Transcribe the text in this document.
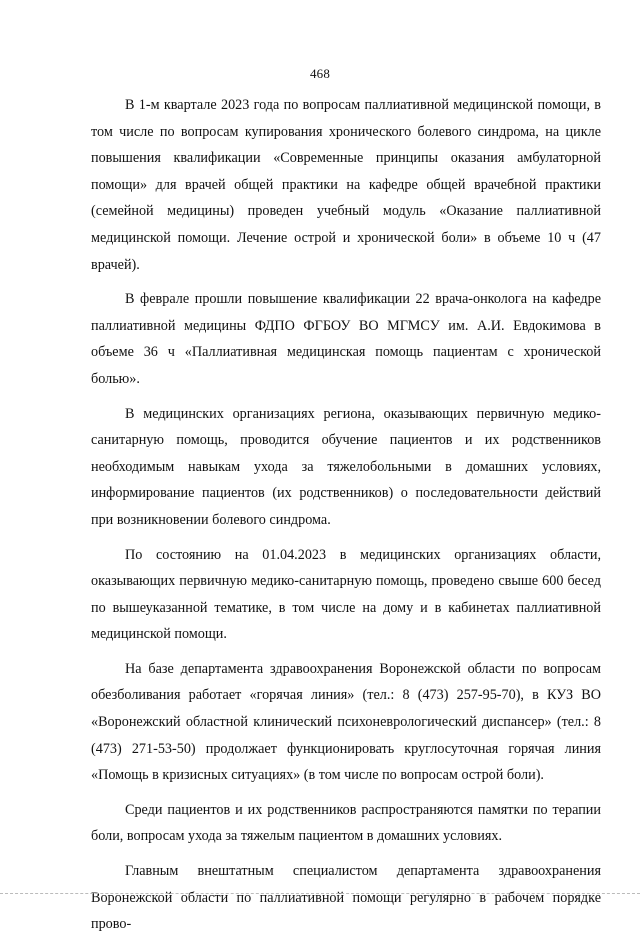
468

В 1-м квартале 2023 года по вопросам паллиативной медицинской помощи, в том числе по вопросам купирования хронического болевого синдрома, на цикле повышения квалификации «Современные принципы оказания амбулаторной помощи» для врачей общей практики на кафедре общей врачебной практики (семейной медицины) проведен учебный модуль «Оказание паллиативной медицинской помощи. Лечение острой и хронической боли» в объеме 10 ч (47 врачей).

В феврале прошли повышение квалификации 22 врача-онколога на кафедре паллиативной медицины ФДПО ФГБОУ ВО МГМСУ им. А.И. Евдокимова в объеме 36 ч «Паллиативная медицинская помощь пациентам с хронической болью».

В медицинских организациях региона, оказывающих первичную медико-санитарную помощь, проводится обучение пациентов и их родственников необходимым навыкам ухода за тяжелобольными в домашних условиях, информирование пациентов (их родственников) о последовательности действий при возникновении болевого синдрома.

По состоянию на 01.04.2023 в медицинских организациях области, оказывающих первичную медико-санитарную помощь, проведено свыше 600 бесед по вышеуказанной тематике, в том числе на дому и в кабинетах паллиативной медицинской помощи.

На базе департамента здравоохранения Воронежской области по вопросам обезболивания работает «горячая линия» (тел.: 8 (473) 257-95-70), в КУЗ ВО «Воронежский областной клинический психоневрологический диспансер» (тел.: 8 (473) 271-53-50) продолжает функционировать круглосуточная горячая линия «Помощь в кризисных ситуациях» (в том числе по вопросам острой боли).

Среди пациентов и их родственников распространяются памятки по терапии боли, вопросам ухода за тяжелым пациентом в домашних условиях.

Главным внештатным специалистом департамента здравоохранения Воронежской области по паллиативной помощи регулярно в рабочем порядке прово-
